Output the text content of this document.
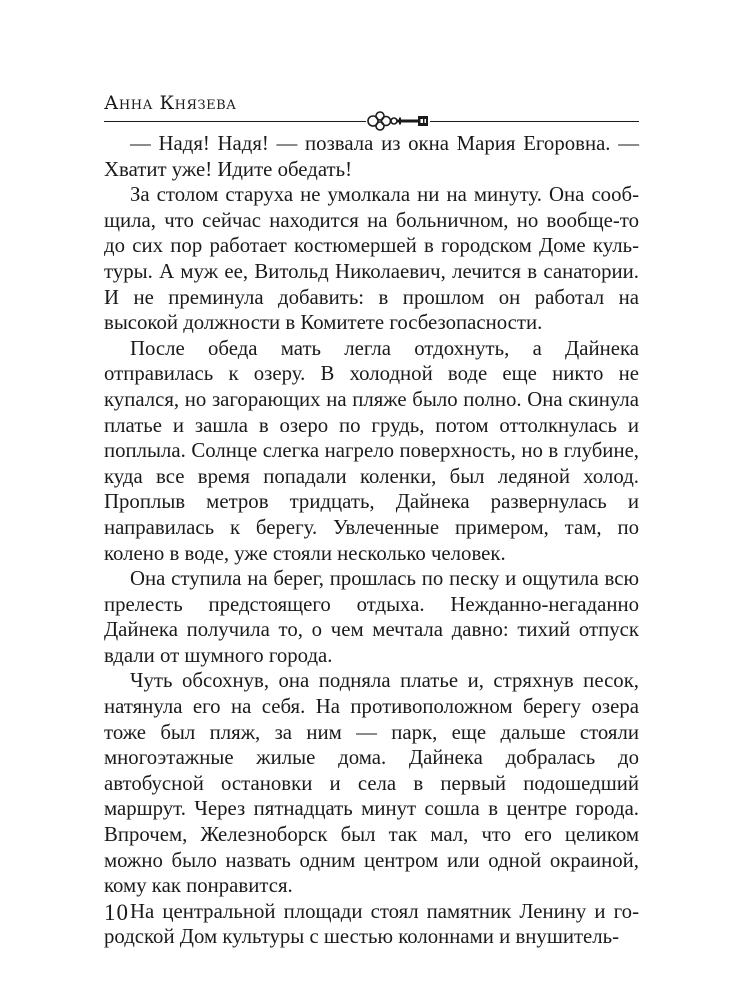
Анна Князева

— Надя! Надя! — позвала из окна Мария Егоровна. — Хватит уже! Идите обедать!

За столом старуха не умолкала ни на минуту. Она сообщила, что сейчас находится на больничном, но вообще-то до сих пор работает костюмершей в городском Доме культуры. А муж ее, Витольд Николаевич, лечится в санатории. И не преминула добавить: в прошлом он работал на высокой должности в Комитете госбезопасности.

После обеда мать легла отдохнуть, а Дайнека отправилась к озеру. В холодной воде еще никто не купался, но загорающих на пляже было полно. Она скинула платье и зашла в озеро по грудь, потом оттолкнулась и поплыла. Солнце слегка нагрело поверхность, но в глубине, куда все время попадали коленки, был ледяной холод. Проплыв метров тридцать, Дайнека развернулась и направилась к берегу. Увлеченные примером, там, по колено в воде, уже стояли несколько человек.

Она ступила на берег, прошлась по песку и ощутила всю прелесть предстоящего отдыха. Нежданно-негаданно Дайнека получила то, о чем мечтала давно: тихий отпуск вдали от шумного города.

Чуть обсохнув, она подняла платье и, стряхнув песок, натянула его на себя. На противоположном берегу озера тоже был пляж, за ним — парк, еще дальше стояли многоэтажные жилые дома. Дайнека добралась до автобусной остановки и села в первый подошедший маршрут. Через пятнадцать минут сошла в центре города. Впрочем, Железноборск был так мал, что его целиком можно было назвать одним центром или одной окраиной, кому как понравится.

На центральной площади стоял памятник Ленину и городской Дом культуры с шестью колоннами и внушитель-

10
